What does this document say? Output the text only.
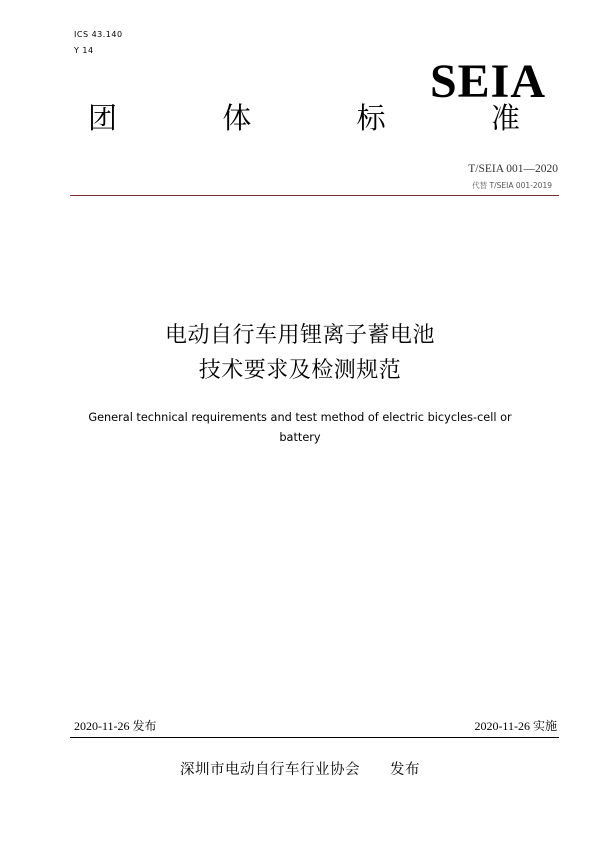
ICS 43.140
Y 14
SEIA
团	体	标	准
T/SEIA 001—2020
代替 T/SEIA 001-2019
电动自行车用锂离子蓄电池
技术要求及检测规范
General technical requirements and test method of electric bicycles-cell or
battery
2020-11-26 发布	2020-11-26 实施
深圳市电动自行车行业协会 发布
